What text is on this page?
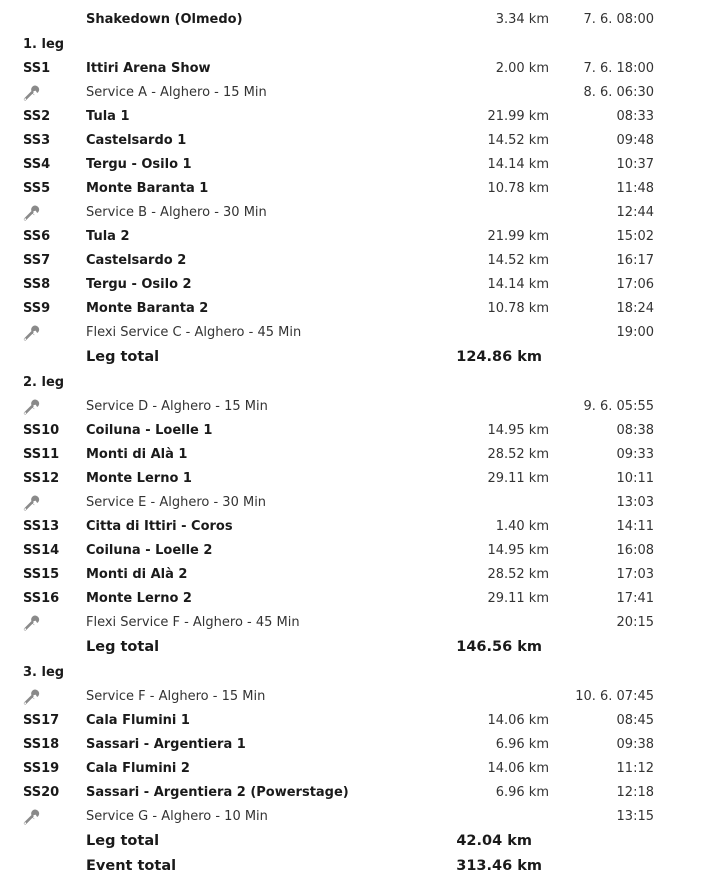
Shakedown (Olmedo)	3.34 km	7. 6. 08:00
1. leg
SS1	Ittiri Arena Show	2.00 km	7. 6. 18:00
Service A - Alghero - 15 Min	8. 6. 06:30
SS2	Tula 1	21.99 km	08:33
SS3	Castelsardo 1	14.52 km	09:48
SS4	Tergu - Osilo 1	14.14 km	10:37
SS5	Monte Baranta 1	10.78 km	11:48
Service B - Alghero - 30 Min	12:44
SS6	Tula 2	21.99 km	15:02
SS7	Castelsardo 2	14.52 km	16:17
SS8	Tergu - Osilo 2	14.14 km	17:06
SS9	Monte Baranta 2	10.78 km	18:24
Flexi Service C - Alghero - 45 Min	19:00
Leg total	124.86 km
2. leg
Service D - Alghero - 15 Min	9. 6. 05:55
SS10 Coiluna - Loelle 1	14.95 km	08:38
SS11 Monti di Alà 1	28.52 km	09:33
SS12 Monte Lerno 1	29.11 km	10:11
Service E - Alghero - 30 Min	13:03
SS13 Citta di Ittiri - Coros	1.40 km	14:11
SS14 Coiluna - Loelle 2	14.95 km	16:08
SS15 Monti di Alà 2	28.52 km	17:03
SS16 Monte Lerno 2	29.11 km	17:41
Flexi Service F - Alghero - 45 Min	20:15
Leg total	146.56 km
3. leg
Service F - Alghero - 15 Min	10. 6. 07:45
SS17 Cala Flumini 1	14.06 km	08:45
SS18 Sassari - Argentiera 1	6.96 km	09:38
SS19 Cala Flumini 2	14.06 km	11:12
SS20 Sassari - Argentiera 2 (Powerstage)	6.96 km	12:18
Service G - Alghero - 10 Min	13:15
Leg total	42.04 km
Event total	313.46 km
